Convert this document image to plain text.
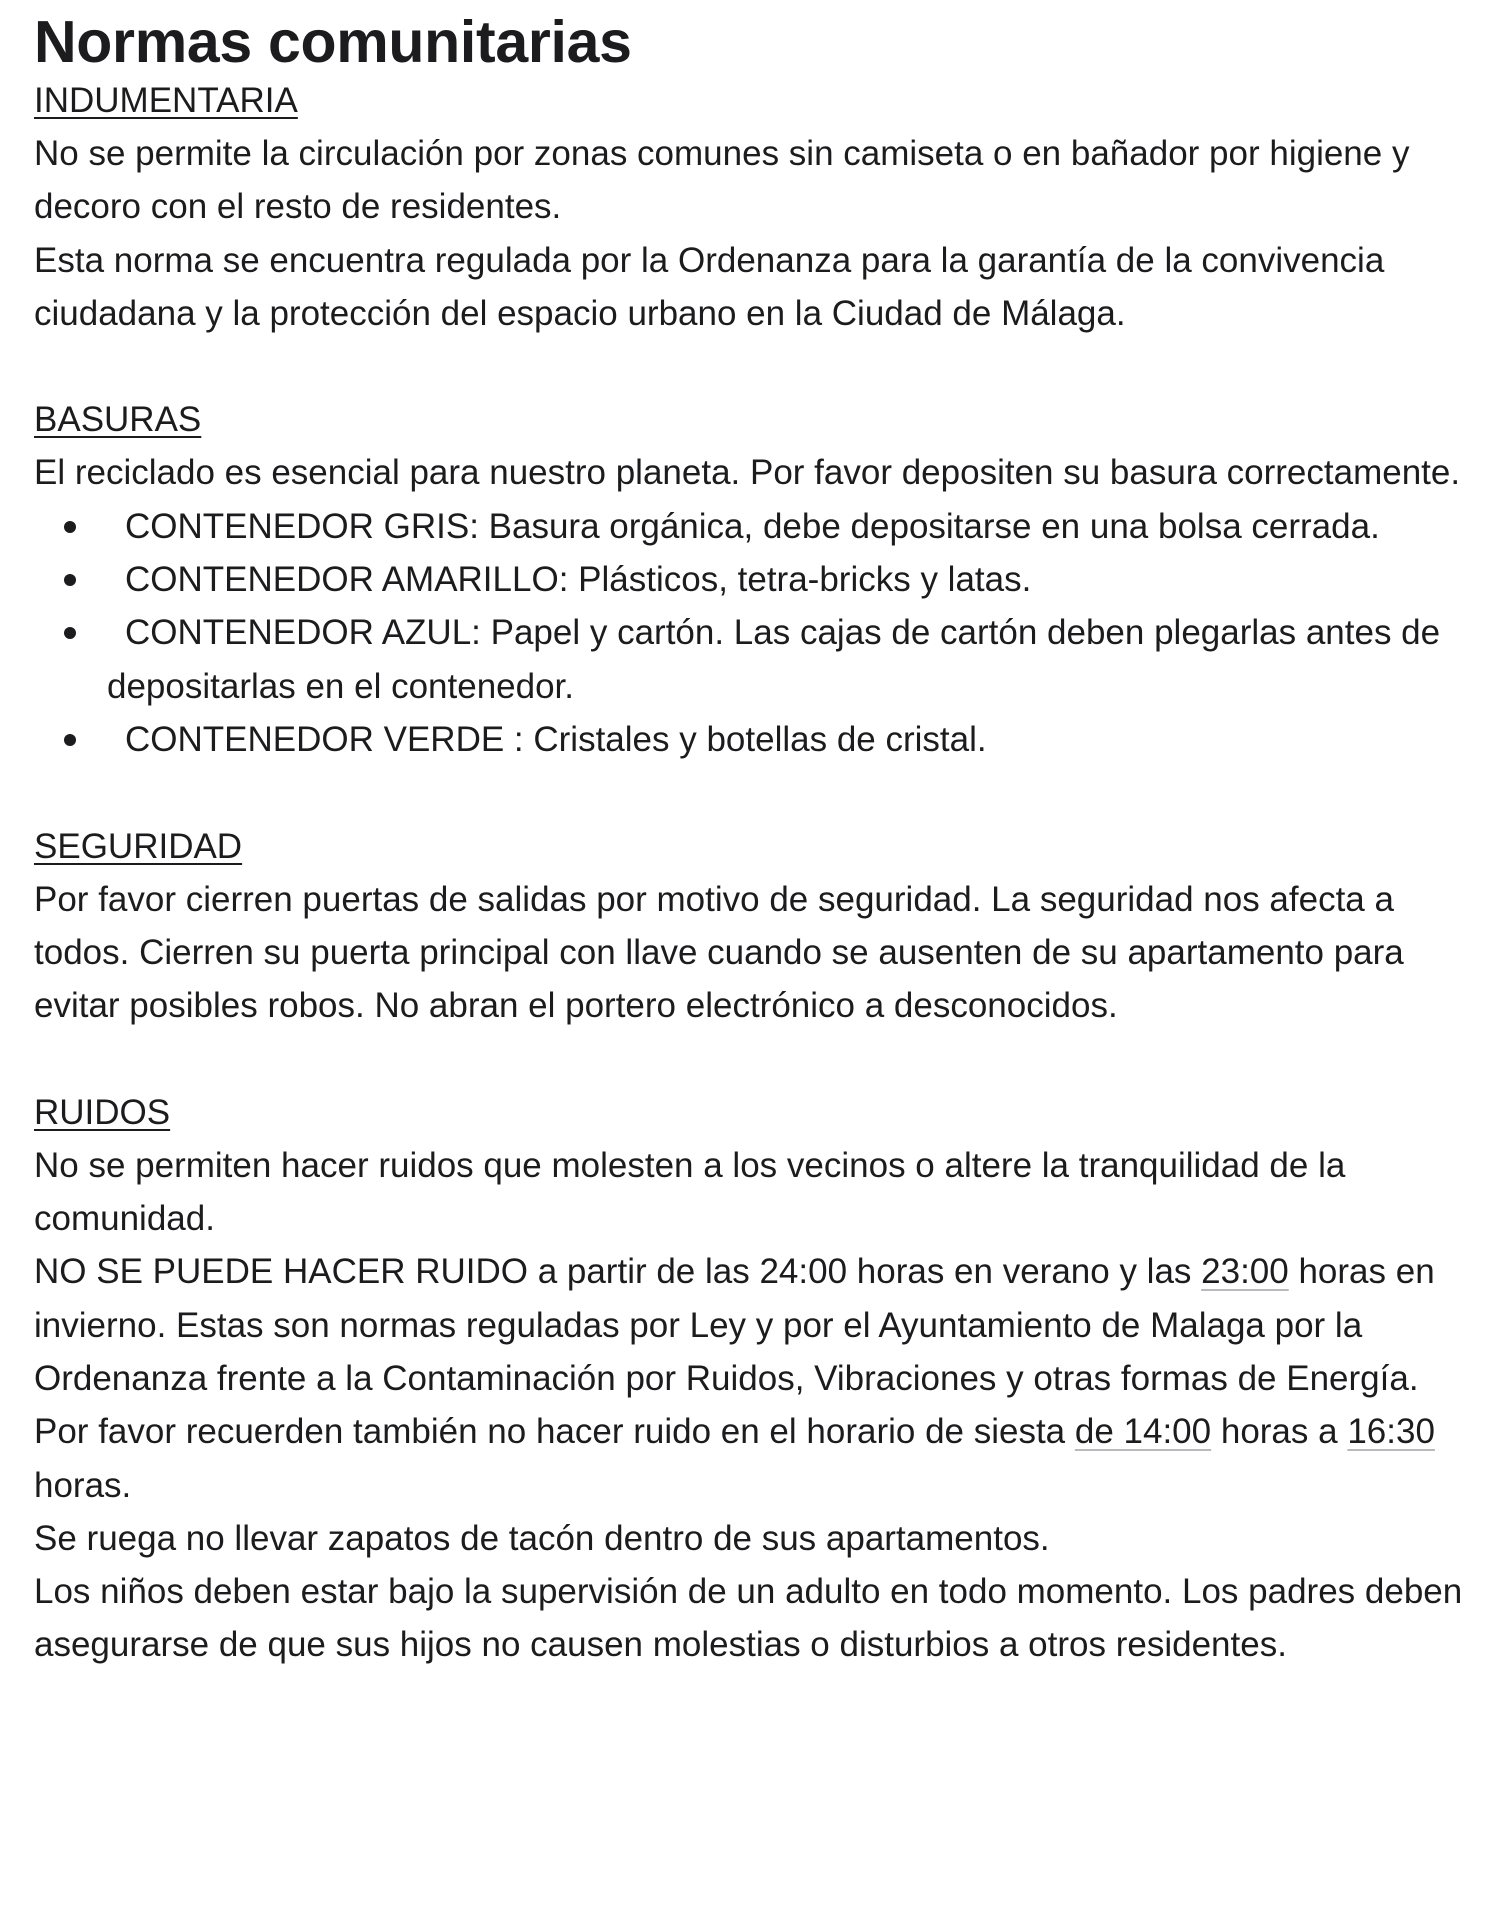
Normas comunitarias
INDUMENTARIA

No se permite la circulación por zonas comunes sin camiseta o en bañador por higiene y decoro con el resto de residentes.

Esta norma se encuentra regulada por la Ordenanza para la garantía de la convivencia ciudadana y la protección del espacio urbano en la Ciudad de Málaga.

BASURAS

El reciclado es esencial para nuestro planeta. Por favor depositen su basura correctamente.

CONTENEDOR GRIS: Basura orgánica, debe depositarse en una bolsa cerrada.
CONTENEDOR AMARILLO: Plásticos, tetra-bricks y latas.
CONTENEDOR AZUL: Papel y cartón. Las cajas de cartón deben plegarlas antes de depositarlas en el contenedor.
CONTENEDOR VERDE : Cristales y botellas de cristal.
SEGURIDAD

Por favor cierren puertas de salidas por motivo de seguridad. La seguridad nos afecta a todos. Cierren su puerta principal con llave cuando se ausenten de su apartamento para evitar posibles robos. No abran el portero electrónico a desconocidos.

RUIDOS

No se permiten hacer ruidos que molesten a los vecinos o altere la tranquilidad de la comunidad.

NO SE PUEDE HACER RUIDO a partir de las 24:00 horas en verano y las 23:00 horas en invierno. Estas son normas reguladas por Ley y por el Ayuntamiento de Malaga por la Ordenanza frente a la Contaminación por Ruidos, Vibraciones y otras formas de Energía.

Por favor recuerden también no hacer ruido en el horario de siesta de 14:00 horas a 16:30 horas.

Se ruega no llevar zapatos de tacón dentro de sus apartamentos.

Los niños deben estar bajo la supervisión de un adulto en todo momento. Los padres deben asegurarse de que sus hijos no causen molestias o disturbios a otros residentes.
